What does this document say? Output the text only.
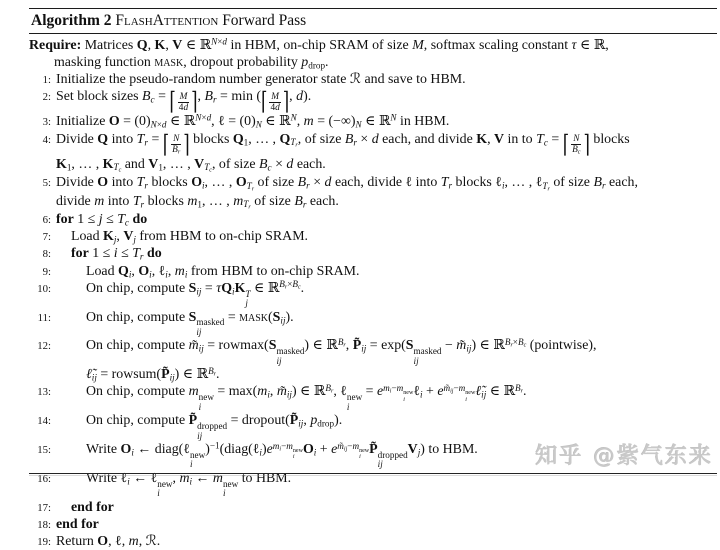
Algorithm 2 FlashAttention Forward Pass
Require: Matrices Q, K, V ∈ ℝ$^{N\times d}$ in HBM, on-chip SRAM of size M, softmax scaling constant τ ∈ ℝ,
masking function mask, dropout probability $p_{drop}$.
1: Initialize the pseudo-random number generator state ℛ and save to HBM.
2: Set block sizes $B_c$ = ⌈ $\frac{M}{4d}$ ⌉ , $B_r = \min$ ( ⌈ $\frac{M}{4d}$ ⌉ , d).
3: Initialize $O = (0)_{N\times d}$ ∈ ℝ$^{N\times d}$, ℓ = $(0)_N$ ∈ ℝ$^N$, $m = (-\infty)_N$ ∈ ℝ$^N$ in HBM.
4: Divide Q into $T_r$ = ⌈ $\frac{N}{B_r}$ ⌉ blocks $Q_1$, … , $Q_{T_r}$, of size $B_r \times d$ each, and divide K, V in to $T_c$ = ⌈ $\frac{N}{B_c}$ ⌉ blocks
$K_1$, … , $K_{T_c}$ and $V_1$, … , $V_{T_c}$, of size $B_c \times d$ each.
5: Divide O into $T_r$ blocks $O_i$, … , $O_{T_r}$ of size $B_r \times d$ each, divide ℓ into $T_r$ blocks ℓ$_i$, … , ℓ$_{T_r}$ of size $B_r$ each,
divide m into $T_r$ blocks $m_1$, … , $m_{T_r}$ of size $B_r$ each.
6: for $1 \le j \le T_c$ do
7:	Load $K_j$, $V_j$ from HBM to on-chip SRAM.
8:	for $1 \le i \le T_r$ do
9:	Load $Q_i$, $O_i$, ℓ$_i$, $m_i$ from HBM to on-chip SRAM.
10:	On chip, compute $S_{ij} = \tau Q_iK$ T
j
∈ ℝ$^{B_r\times B_c}$.
11:	On chip, compute S masked
ij
= $mask(S_{ij})$.
12:	On chip, compute $m̃_{ij} = rowmax(S$ masked
ij
) ∈ ℝ$^{B_r}$, $P̃_{ij} = \exp(S$ masked
ij
− $m̃_{ij}$) ∈ ℝ$^{B_r\times B_c}$ (pointwise),
$\ell̃_{ij}$ = $rowsum(P̃_{ij})$ ∈ ℝ$^{B_r}$.
13:	On chip, compute m new
i
= $\max(m_i$, $m̃_{ij}$) ∈ ℝ$^{B_r}$, ℓ new
i
= $e^{m_i-m new i}$
ℓ$_i$ + $e^{m̃_{ij}-m new i}$
$\ell̃_{ij}$ ∈ ℝ$^{B_r}$.
14:	On chip, compute P̃ dropped
ij
= $dropout(P̃_{ij}$, $p_{drop}$).
15:	Write $O_i$ ← diag(ℓ new
i
)$^{-1}(diag(\ell_i)e^{m_i-m new i}$
$O_i + e^{m̃_{ij}-m new i}$
P̃ dropped
ij
$V_j$) to HBM.
16:	Write ℓ$_i$ ← ℓ new
i
, $m_i$ ← m new
i
to HBM.
17:	end for
18: end for
19: Return O, ℓ, m, ℛ.
知乎 @紫气东来
